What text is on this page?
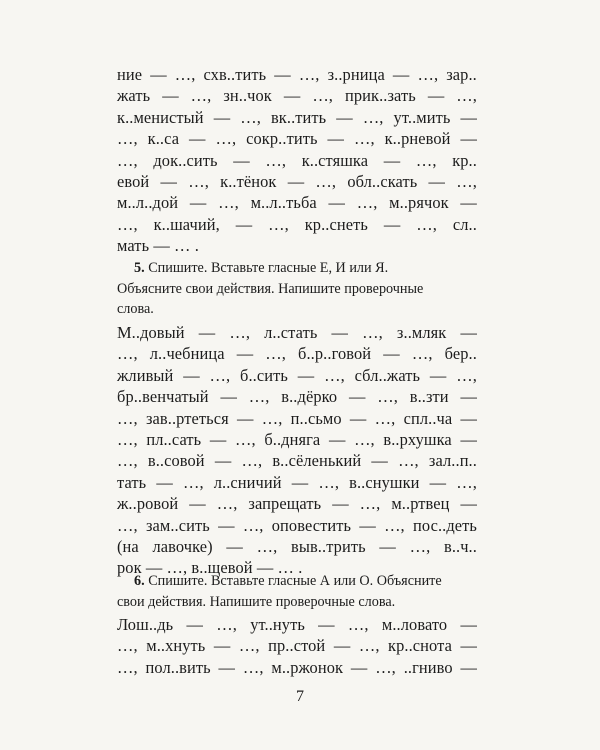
ние — …, схв..тить — …, з..рница — …, зар..
жать — …, зн..чок — …, прик..зать — …,
к..менистый — …, вк..тить — …, ут..мить —
…, к..са — …, сокр..тить — …, к..рневой —
…, док..сить — …, к..стяшка — …, кр..
евой — …, к..тёнок — …, обл..скать — …,
м..л..дой — …, м..л..тьба — …, м..рячок —
…, к..шачий, — …, кр..снеть — …, сл..
мать — … .
5. Спишите. Вставьте гласные Е, И или Я.
Объясните свои действия. Напишите проверочные
слова.
М..довый — …, л..стать — …, з..мляк —
…, л..чебница — …, б..р..говой — …, бер..
жливый — …, б..сить — …, сбл..жать — …,
бр..венчатый — …, в..дёрко — …, в..зти —
…, зав..ртеться — …, п..сьмо — …, спл..ча —
…, пл..сать — …, б..дняга — …, в..рхушка —
…, в..совой — …, в..сёленький — …, зал..п..
тать — …, л..сничий — …, в..снушки — …,
ж..ровой — …, запрещать — …, м..ртвец —
…, зам..сить — …, оповестить — …, пос..деть
(на лавочке) — …, выв..трить — …, в..ч..
рок — …, в..щевой — … .
6. Спишите. Вставьте гласные А или О. Объясните
свои действия. Напишите проверочные слова.
Лош..дь — …, ут..нуть — …, м..ловато —
…, м..хнуть — …, пр..стой — …, кр..снота —
…, пол..вить — …, м..ржонок — …, ..гниво —
7
